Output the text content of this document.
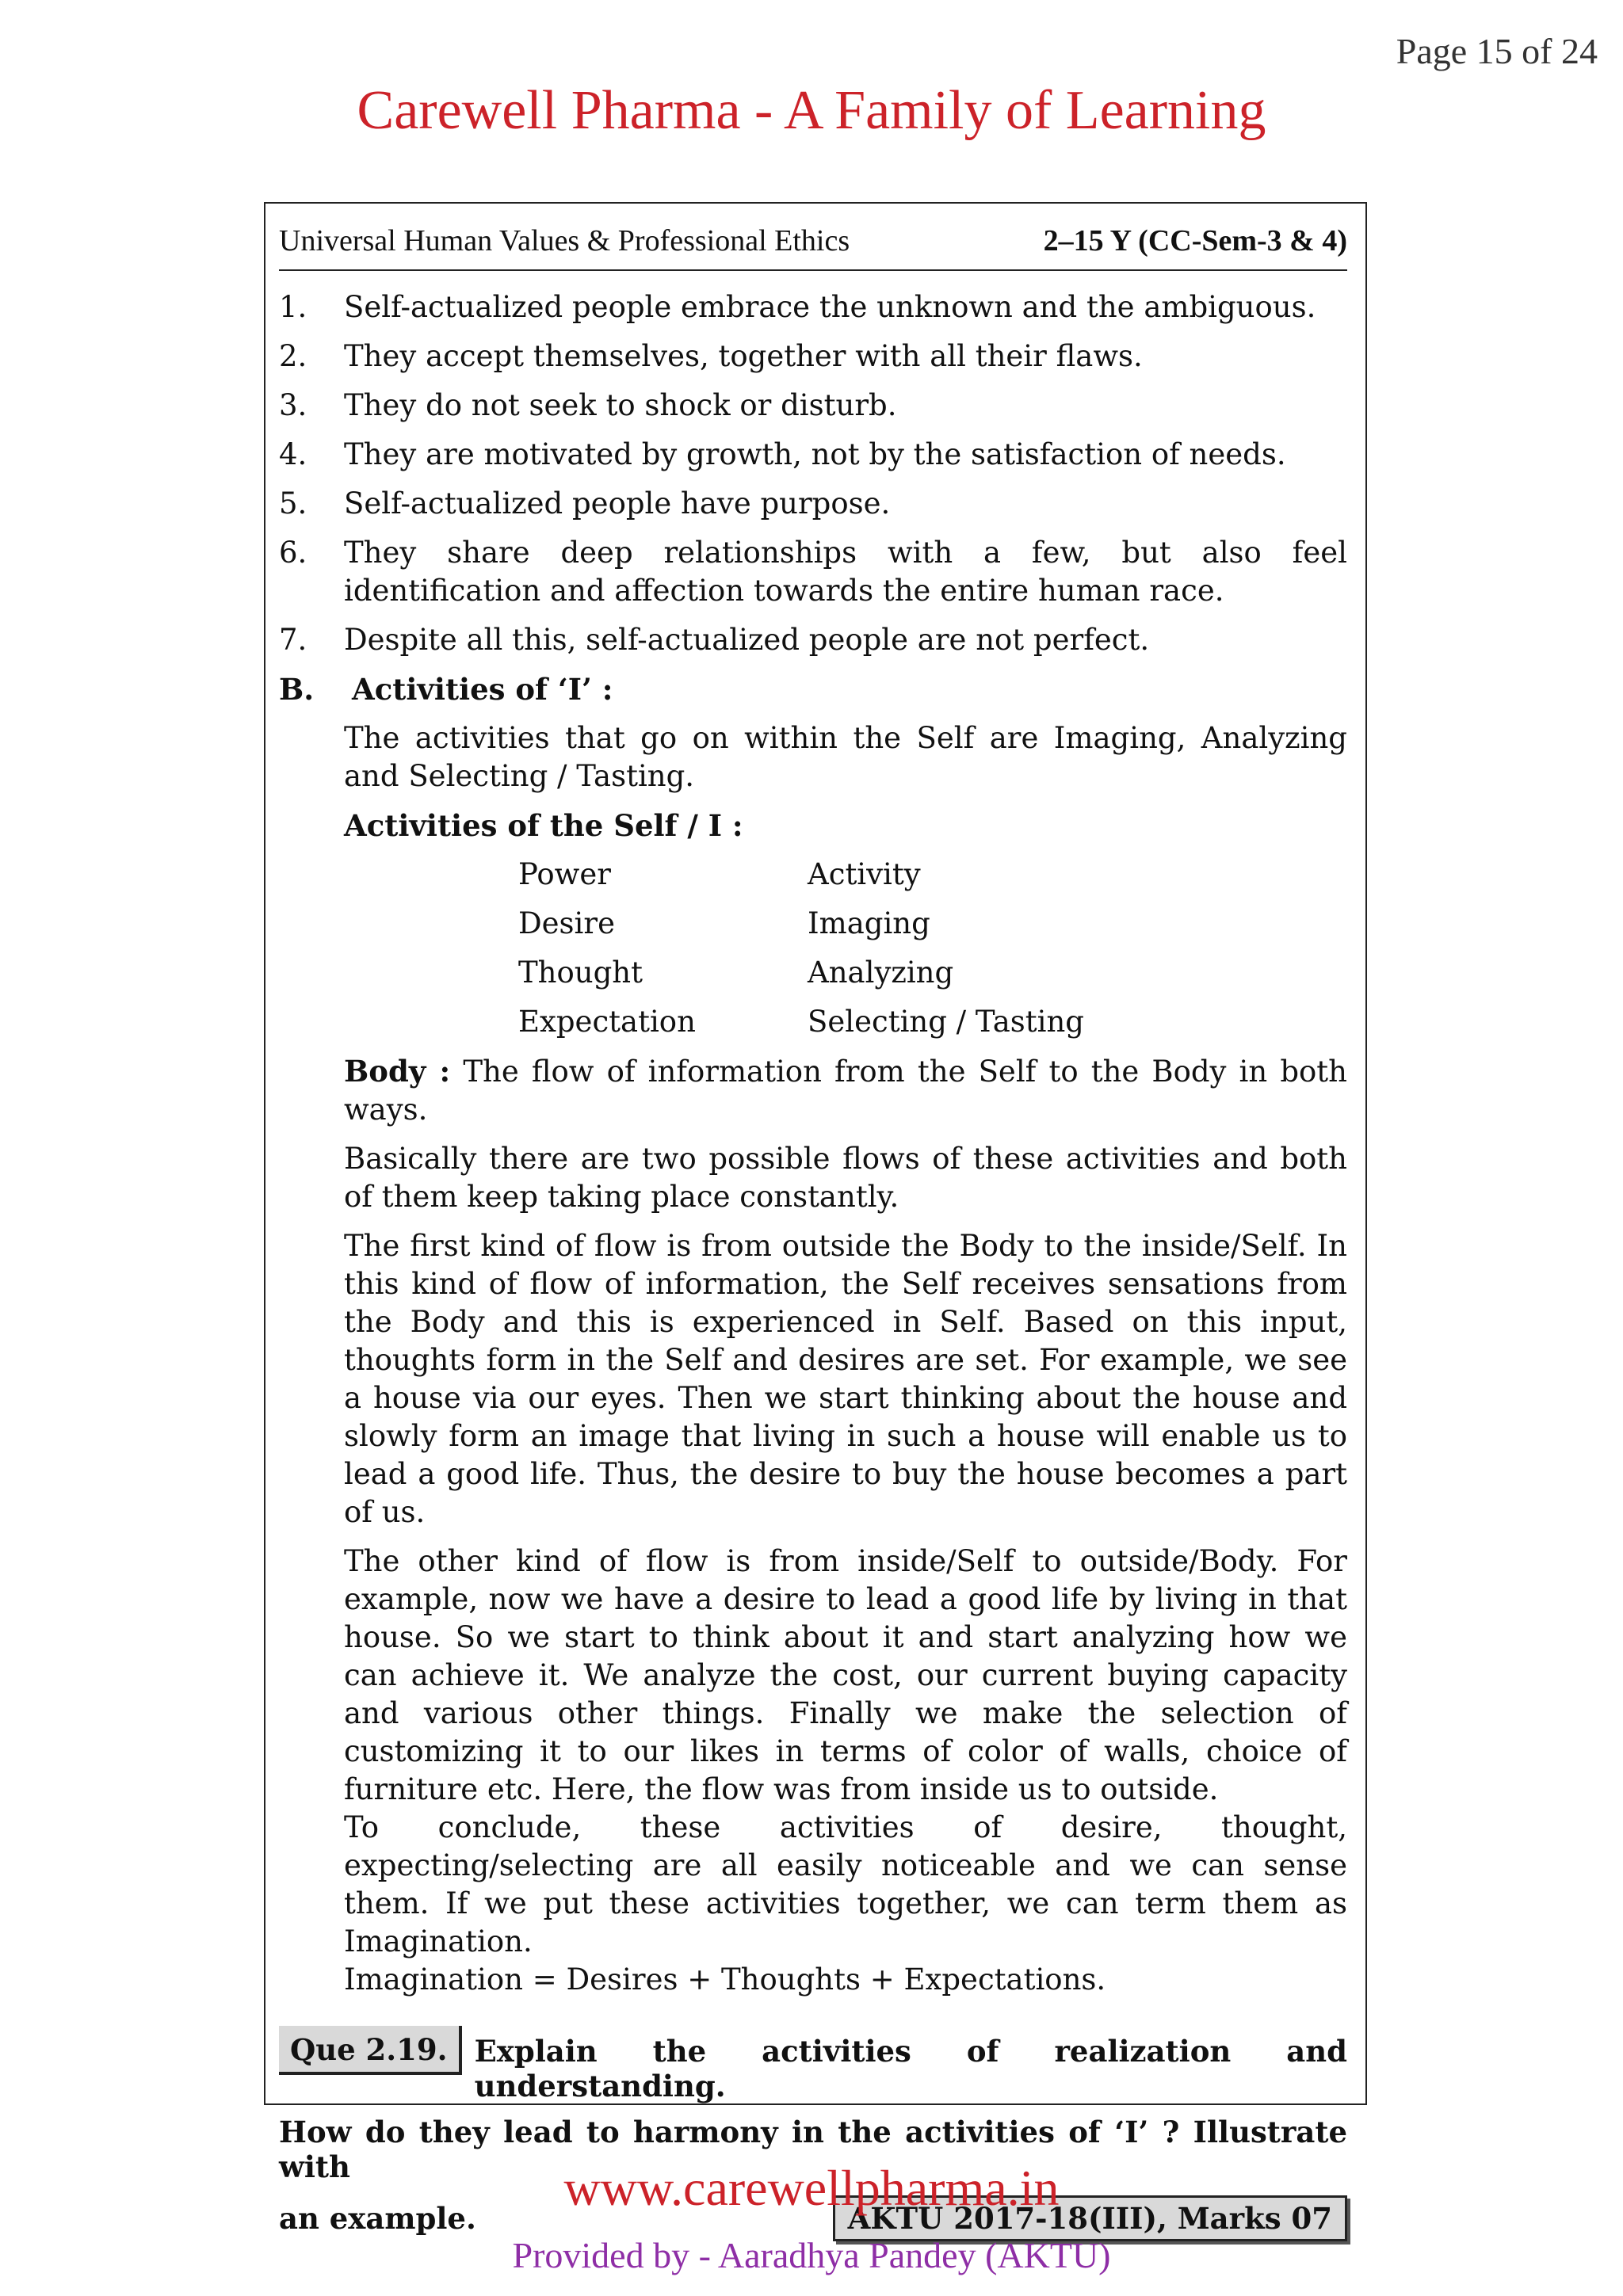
Page 15 of 24
Carewell Pharma - A Family of Learning
Universal Human Values & Professional Ethics	2–15 Y (CC-Sem-3 & 4)
1.	Self-actualized people embrace the unknown and the ambiguous.
2.	They accept themselves, together with all their flaws.
3.	They do not seek to shock or disturb.
4.	They are motivated by growth, not by the satisfaction of needs.
5.	Self-actualized people have purpose.
6.	They share deep relationships with a few, but also feel identification and affection towards the entire human race.
7.	Despite all this, self-actualized people are not perfect.
B.	Activities of ‘I’ :
The activities that go on within the Self are Imaging, Analyzing and Selecting / Tasting.
Activities of the Self / I :
Power	Activity
Desire	Imaging
Thought	Analyzing
Expectation	Selecting / Tasting
Body : The flow of information from the Self to the Body in both ways.
Basically there are two possible flows of these activities and both of them keep taking place constantly.
The first kind of flow is from outside the Body to the inside/Self. In this kind of flow of information, the Self receives sensations from the Body and this is experienced in Self. Based on this input, thoughts form in the Self and desires are set. For example, we see a house via our eyes. Then we start thinking about the house and slowly form an image that living in such a house will enable us to lead a good life. Thus, the desire to buy the house becomes a part of us.
The other kind of flow is from inside/Self to outside/Body. For example, now we have a desire to lead a good life by living in that house. So we start to think about it and start analyzing how we can achieve it. We analyze the cost, our current buying capacity and various other things. Finally we make the selection of customizing it to our likes in terms of color of walls, choice of furniture etc. Here, the flow was from inside us to outside.
To conclude, these activities of desire, thought, expecting/selecting are all easily noticeable and we can sense them. If we put these activities together, we can term them as Imagination.
Imagination = Desires + Thoughts + Expectations.
Que 2.19. Explain the activities of realization and understanding.
How do they lead to harmony in the activities of ‘I’ ? Illustrate with
an example.	AKTU 2017-18(III), Marks 07
www.carewellpharma.in
Provided by - Aaradhya Pandey (AKTU)
